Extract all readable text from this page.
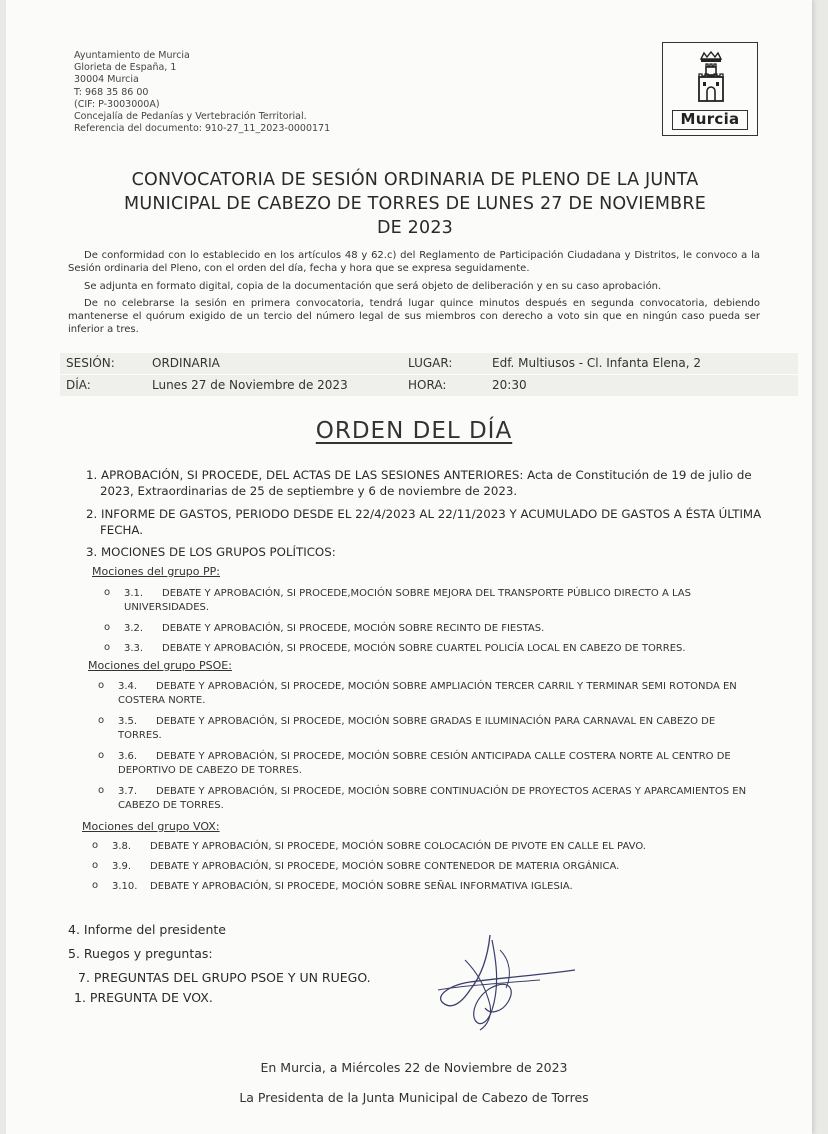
Ayuntamiento de Murcia
Glorieta de España, 1
30004 Murcia
T: 968 35 86 00
(CIF: P-3003000A)
Concejalía de Pedanías y Vertebración Territorial.
Referencia del documento: 910-27_11_2023-0000171
Murcia
CONVOCATORIA DE SESIÓN ORDINARIA DE PLENO DE LA JUNTA
MUNICIPAL DE CABEZO DE TORRES DE LUNES 27 DE NOVIEMBRE
DE 2023

De conformidad con lo establecido en los artículos 48 y 62.c) del Reglamento de Participación Ciudadana y Distritos, le convoco a la Sesión ordinaria del Pleno, con el orden del día, fecha y hora que se expresa seguidamente.

Se adjunta en formato digital, copia de la documentación que será objeto de deliberación y en su caso aprobación.

De no celebrarse la sesión en primera convocatoria, tendrá lugar quince minutos después en segunda convocatoria, debiendo mantenerse el quórum exigido de un tercio del número legal de sus miembros con derecho a voto sin que en ningún caso pueda ser inferior a tres.

SESIÓN:	ORDINARIA	LUGAR:	Edf. Multiusos - Cl. Infanta Elena, 2
DÍA:	Lunes 27 de Noviembre de 2023	HORA:	20:30
ORDEN DEL DÍA
1. APROBACIÓN, SI PROCEDE, DEL ACTAS DE LAS SESIONES ANTERIORES: Acta de Constitución de 19 de julio de
2023, Extraordinarias de 25 de septiembre y 6 de noviembre de 2023.
2. INFORME DE GASTOS, PERIODO DESDE EL 22/4/2023 AL 22/11/2023 Y ACUMULADO DE GASTOS A ÉSTA ÚLTIMA
FECHA.
3. MOCIONES DE LOS GRUPOS POLÍTICOS:
Mociones del grupo PP:
o 3.1. DEBATE Y APROBACIÓN, SI PROCEDE,MOCIÓN SOBRE MEJORA DEL TRANSPORTE PÚBLICO DIRECTO A LAS
UNIVERSIDADES.
o 3.2. DEBATE Y APROBACIÓN, SI PROCEDE, MOCIÓN SOBRE RECINTO DE FIESTAS.
o 3.3. DEBATE Y APROBACIÓN, SI PROCEDE, MOCIÓN SOBRE CUARTEL POLICÍA LOCAL EN CABEZO DE TORRES.
Mociones del grupo PSOE:
o 3.4. DEBATE Y APROBACIÓN, SI PROCEDE, MOCIÓN SOBRE AMPLIACIÓN TERCER CARRIL Y TERMINAR SEMI ROTONDA EN
COSTERA NORTE.
o 3.5. DEBATE Y APROBACIÓN, SI PROCEDE, MOCIÓN SOBRE GRADAS E ILUMINACIÓN PARA CARNAVAL EN CABEZO DE
TORRES.
o 3.6. DEBATE Y APROBACIÓN, SI PROCEDE, MOCIÓN SOBRE CESIÓN ANTICIPADA CALLE COSTERA NORTE AL CENTRO DE
DEPORTIVO DE CABEZO DE TORRES.
o 3.7. DEBATE Y APROBACIÓN, SI PROCEDE, MOCIÓN SOBRE CONTINUACIÓN DE PROYECTOS ACERAS Y APARCAMIENTOS EN
CABEZO DE TORRES.
Mociones del grupo VOX:
o 3.8. DEBATE Y APROBACIÓN, SI PROCEDE, MOCIÓN SOBRE COLOCACIÓN DE PIVOTE EN CALLE EL PAVO.
o 3.9. DEBATE Y APROBACIÓN, SI PROCEDE, MOCIÓN SOBRE CONTENEDOR DE MATERIA ORGÁNICA.
o 3.10. DEBATE Y APROBACIÓN, SI PROCEDE, MOCIÓN SOBRE SEÑAL INFORMATIVA IGLESIA.
4. Informe del presidente
5. Ruegos y preguntas:
7. PREGUNTAS DEL GRUPO PSOE Y UN RUEGO.
1. PREGUNTA DE VOX.
En Murcia, a Miércoles 22 de Noviembre de 2023
La Presidenta de la Junta Municipal de Cabezo de Torres
